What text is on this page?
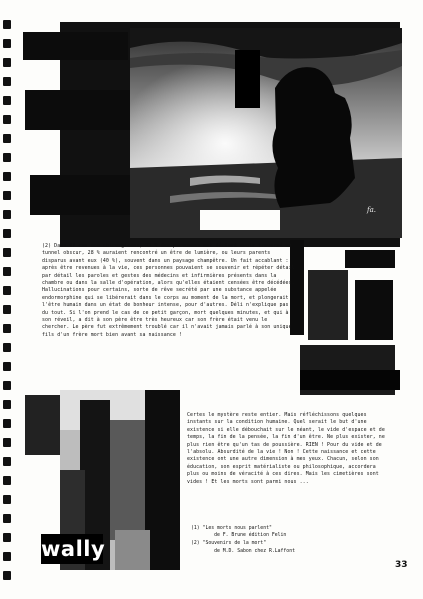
fa.
wally
(2) Dans 61 cas non chirurgicaux, 23 % des personnes ont déclaré avoir traversé un tunnel obscur, 28 % auraient rencontré un être de lumière, ou leurs parents disparus avant eux (40 %), souvent dans un paysage champêtre. Un fait accablant : après être revenues à la vie, ces personnes pouvaient se souvenir et répéter détail par détail les paroles et gestes des médecins et infirmières présents dans la chambre ou dans la salle d'opération, alors qu'elles étaient censées être décédées. Hallucinations pour certains, sorte de rêve secrété par une substance appelée endormorphine qui se libérerait dans le corps au moment de la mort, et plongerait l'être humain dans un état de bonheur intense, pour d'autres. Déli n'explique pas du tout. Si l'on prend le cas de ce petit garçon, mort quelques minutes, et qui à son réveil, a dit à son père être très heureux car son frère était venu le chercher. Le père fut extrêmement troublé car il n'avait jamais parlé à son unique fils d'un frère mort bien avant sa naissance !
Certes le mystère reste entier. Mais réfléchissons quelques instants sur la condition humaine. Quel serait le but d'une existence si elle débouchait sur le néant, le vide d'espace et de temps, la fin de la pensée, la fin d'un être. Ne plus exister, ne plus rien être qu'un tas de poussière. RIEN ! Pour du vide et de l'absolu. Absurdité de la vie ! Non ! Cette naissance et cette existence ont une autre dimension à mes yeux. Chacun, selon son éducation, son esprit matérialiste ou philosophique, accordera plus ou moins de véracité à ces dires. Mais les cimetières sont vides ! Et les morts sont parmi nous ...
(1) "Les morts nous parlent"
de F. Brune édition Felin
(2) "Souvenirs de la mort"
de M.D. Sabon chez R.Laffont
33
